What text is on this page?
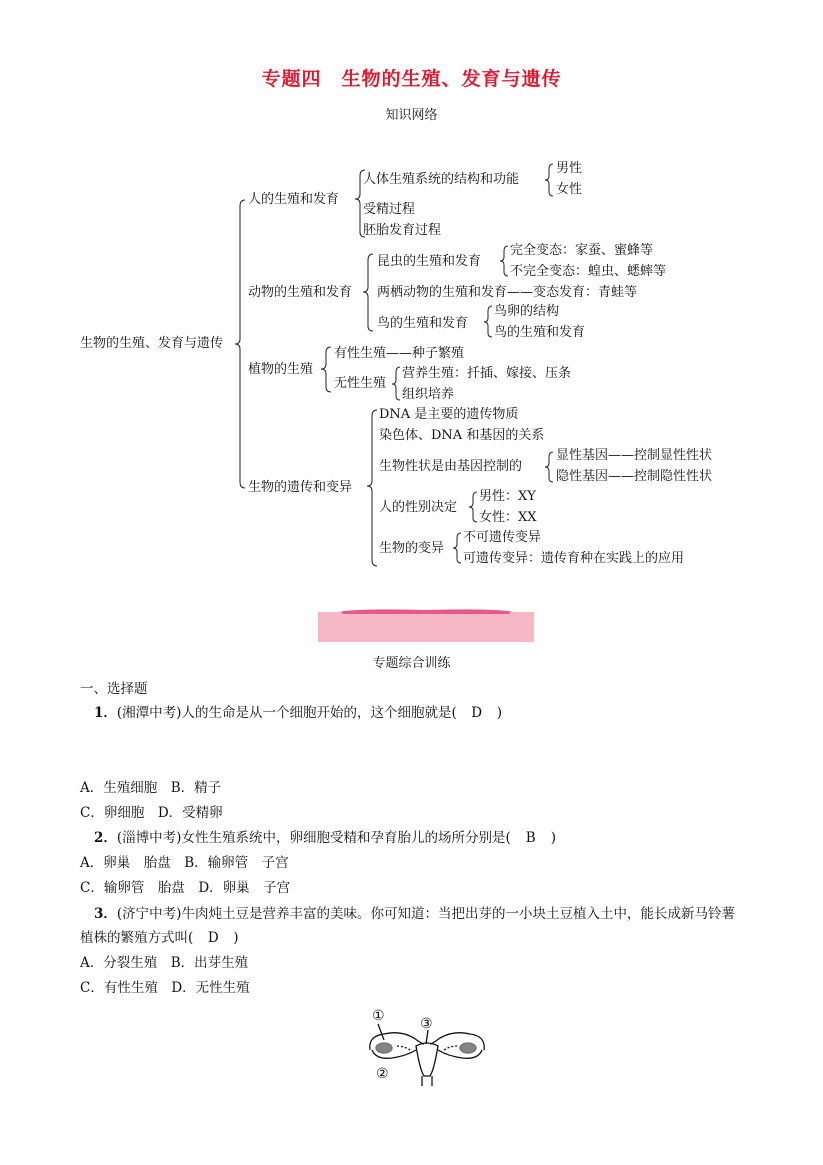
专题四　生物的生殖、发育与遗传
知识网络
生物的生殖、发育与遗传
人的生殖和发育
人体生殖系统的结构和功能
男性
女性
受精过程
胚胎发育过程
动物的生殖和发育
昆虫的生殖和发育
完全变态：家蚕、蜜蜂等
不完全变态：蝗虫、蟋蟀等
两栖动物的生殖和发育——变态发育：青蛙等
鸟的生殖和发育
鸟卵的结构
鸟的生殖和发育
植物的生殖
有性生殖——种子繁殖
无性生殖
营养生殖：扦插、嫁接、压条
组织培养
生物的遗传和变异
DNA 是主要的遗传物质
染色体、DNA 和基因的关系
生物性状是由基因控制的
显性基因——控制显性性状
隐性基因——控制隐性性状
人的性别决定
男性：XY
女性：XX
生物的变异
不可遗传变异
可遗传变异：遗传育种在实践上的应用
专题综合训练
一、选择题
1．(湘潭中考)人的生命是从一个细胞开始的，这个细胞就是( D )
A．生殖细胞　B．精子
C．卵细胞　D．受精卵
2．(淄博中考)女性生殖系统中，卵细胞受精和孕育胎儿的场所分别是( B )
A．卵巢　胎盘　B．输卵管　子宫
C．输卵管　胎盘　D．卵巢　子宫
3．(济宁中考)牛肉炖土豆是营养丰富的美味。你可知道：当把出芽的一小块土豆植入土中，能长成新马铃薯
植株的繁殖方式叫( D )
A．分裂生殖　B．出芽生殖
C．有性生殖　D．无性生殖
①
②
③
